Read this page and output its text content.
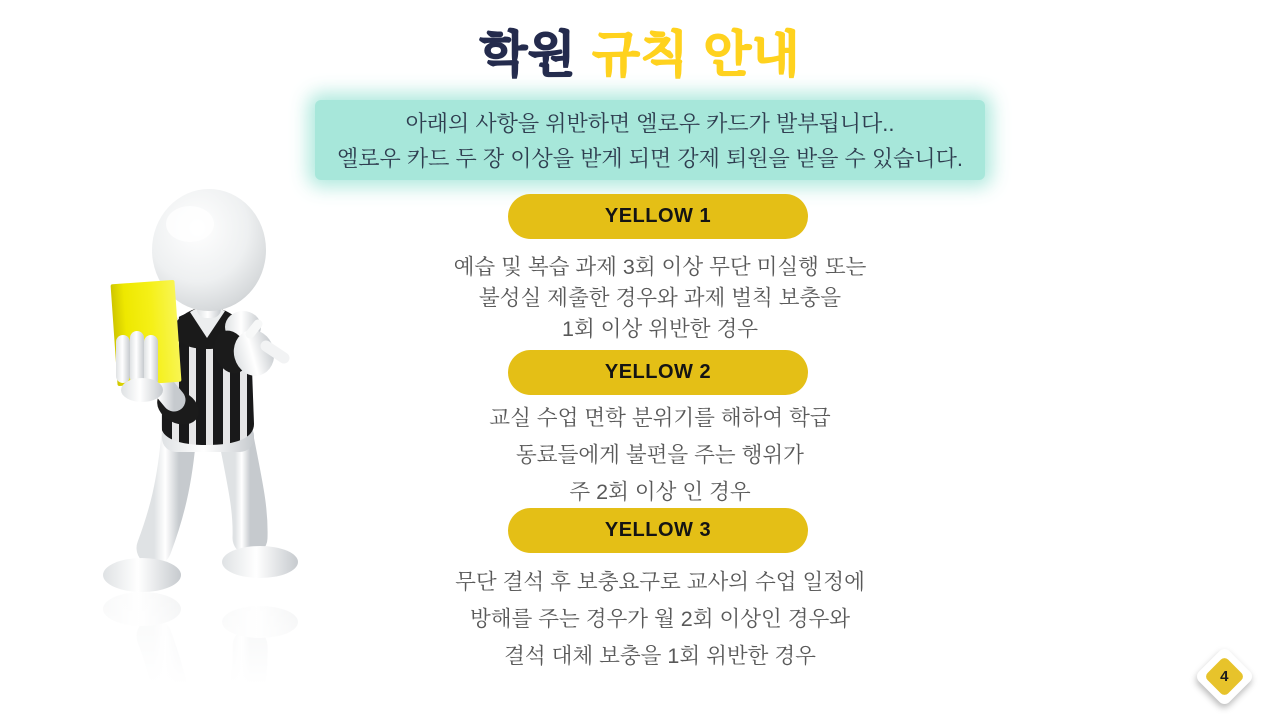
학원 규칙 안내
아래의 사항을 위반하면 엘로우 카드가 발부됩니다..
엘로우 카드 두 장 이상을 받게 되면 강제 퇴원을 받을 수 있습니다.
YELLOW 1
예습 및 복습 과제 3회 이상 무단 미실행 또는
불성실 제출한 경우와 과제 벌칙 보충을
1회 이상 위반한 경우
YELLOW 2
교실 수업 면학 분위기를 해하여 학급
동료들에게 불편을 주는 행위가
주 2회 이상 인 경우
YELLOW 3
무단 결석 후 보충요구로 교사의 수업 일정에
방해를 주는 경우가 월 2회 이상인 경우와
결석 대체 보충을 1회 위반한 경우
4
